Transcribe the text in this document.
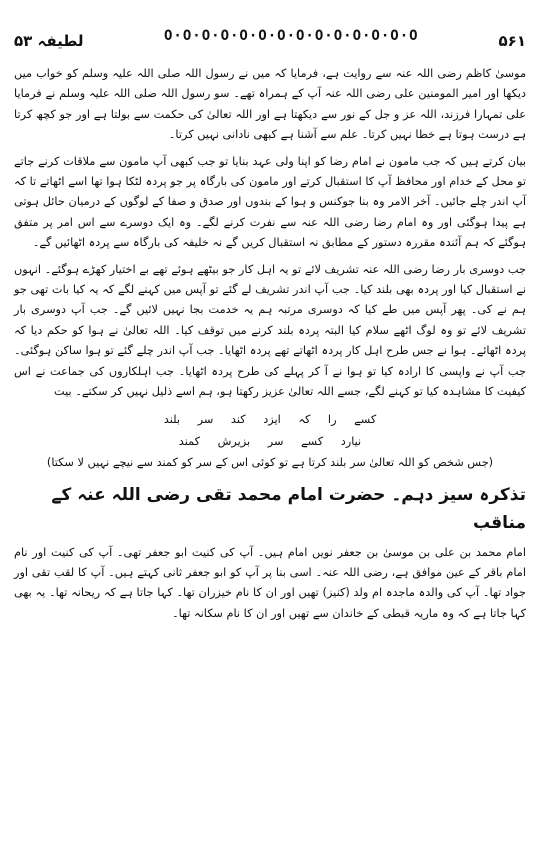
لطیفہ ۵۳	O·O·O·O·O·O·O·O·O·O·O·O·O·O	۵۶۱

موسیٰ کاظم رضی اللہ عنہ سے روایت ہے، فرمایا کہ میں نے رسول اللہ صلی اللہ علیہ وسلم کو خواب میں دیکھا اور امیر المومنین علی رضی اللہ عنہ آپ کے ہمراہ تھے۔ سو رسول اللہ صلی اللہ علیہ وسلم نے فرمایا علی تمہارا فرزند، اللہ عز و جل کے نور سے دیکھتا ہے اور اللہ تعالیٰ کی حکمت سے بولتا ہے اور جو کچھ کرتا ہے درست ہوتا ہے خطا نہیں کرتا۔ علم سے آشنا ہے کبھی نادانی نہیں کرتا۔

بیان کرتے ہیں کہ جب مامون نے امام رضا کو اپنا ولی عہد بنایا تو جب کبھی آپ مامون سے ملاقات کرنے جاتے تو محل کے خدام اور محافظ آپ کا استقبال کرتے اور مامون کی بارگاہ پر جو پردہ لٹکا ہوا تھا اسے اٹھاتے تا کہ آپ اندر چلے جائیں۔ آخر الامر وہ بنا جوکنس و ہوا کے بندوں اور صدق و صفا کے لوگوں کے درمیان حائل ہوتی ہے پیدا ہوگئی اور وہ امام رضا رضی اللہ عنہ سے نفرت کرنے لگے۔ وہ ایک دوسرے سے اس امر پر متفق ہوگئے کہ ہم آئندہ مقررہ دستور کے مطابق نہ استقبال کریں گے نہ خلیفہ کی بارگاہ سے پردہ اٹھائیں گے۔

جب دوسری بار رضا رضی اللہ عنہ تشریف لائے تو یہ اہل کار جو بیٹھے ہوئے تھے بے اختیار کھڑے ہوگئے۔ انہوں نے استقبال کیا اور پردہ بھی بلند کیا۔ جب آپ اندر تشریف لے گئے تو آپس میں کہنے لگے کہ یہ کیا بات تھی جو ہم نے کی۔ پھر آپس میں طے کیا کہ دوسری مرتبہ ہم یہ خدمت بجا نہیں لائیں گے۔ جب آپ دوسری بار تشریف لائے تو وہ لوگ اٹھے سلام کیا البتہ پردہ بلند کرنے میں توقف کیا۔ اللہ تعالیٰ نے ہوا کو حکم دیا کہ پردہ اٹھائے۔ ہوا نے جس طرح اہل کار پردہ اٹھاتے تھے پردہ اٹھایا۔ جب آپ اندر چلے گئے تو ہوا ساکن ہوگئی۔ جب آپ نے واپسی کا ارادہ کیا تو ہوا نے آ کر پہلے کی طرح پردہ اٹھایا۔ جب اہلکاروں کی جماعت نے اس کیفیت کا مشاہدہ کیا تو کہنے لگے، جسے اللہ تعالیٰ عزیز رکھتا ہو، ہم اسے ذلیل نہیں کر سکتے۔ بیت

کسے را کہ ایزد کند سر بلند
نیارد کسے سر بزیرش کمند

(جس شخص کو اللہ تعالیٰ سر بلند کرتا ہے تو کوئی اس کے سر کو کمند سے نیچے نہیں لا سکتا)

تذکرہ سیز دہم۔ حضرت امام محمد تقی رضی اللہ عنہ کے مناقب

امام محمد بن علی بن موسیٰ بن جعفر نویں امام ہیں۔ آپ کی کنیت ابو جعفر تھی۔ آپ کی کنیت اور نام امام باقر کے عین موافق ہے، رضی اللہ عنہ۔ اسی بنا پر آپ کو ابو جعفر ثانی کہتے ہیں۔ آپ کا لقب تقی اور جواد تھا۔ آپ کی والدہ ماجدہ ام ولد (کنیز) تھیں اور ان کا نام خیزران تھا۔ کہا جاتا ہے کہ ریحانہ تھا۔ یہ بھی کہا جاتا ہے کہ وہ ماریہ قبطی کے خاندان سے تھیں اور ان کا نام سکانہ تھا۔
